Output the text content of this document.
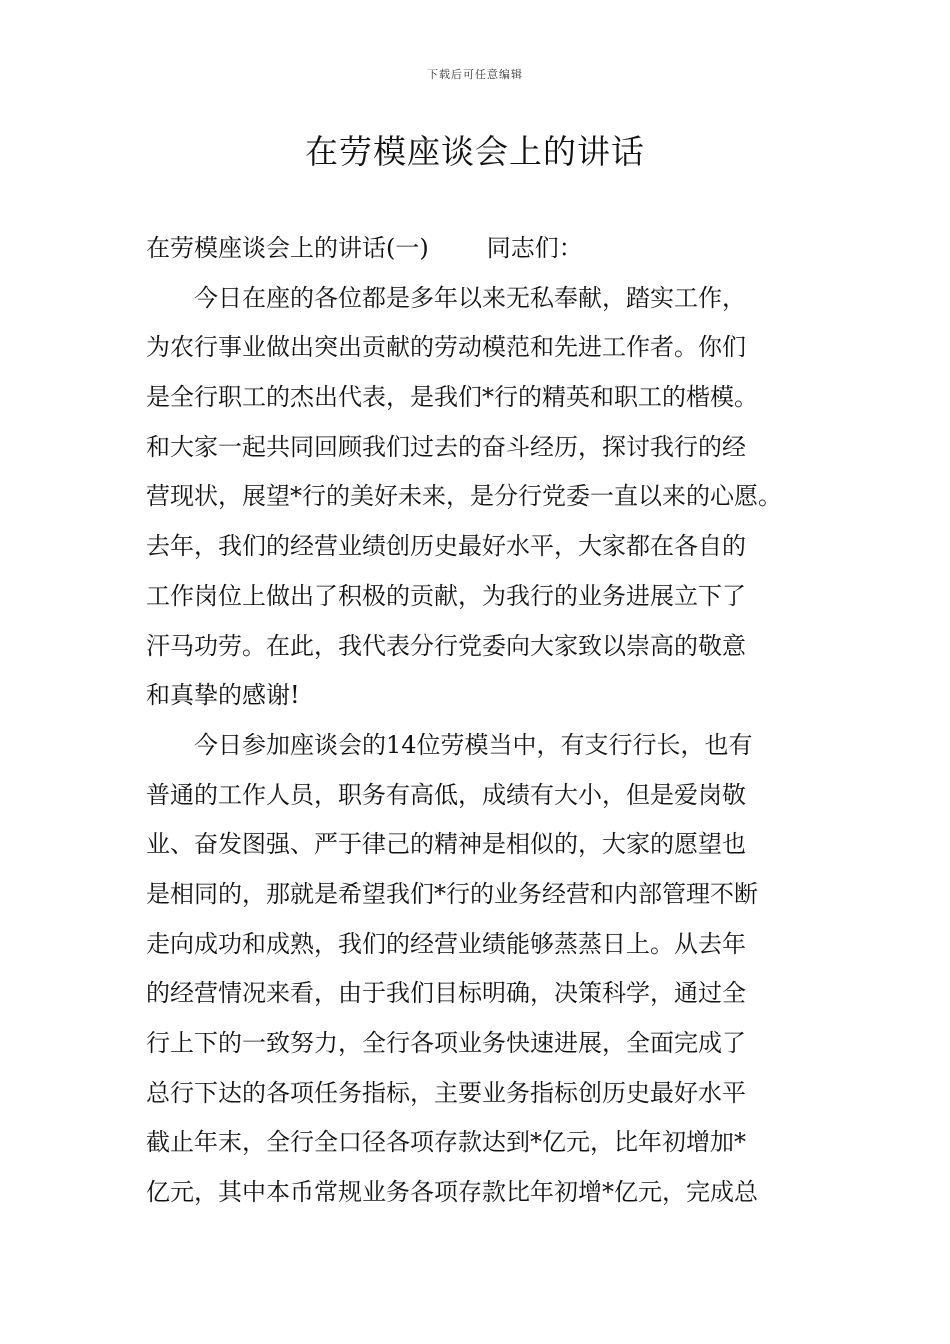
下载后可任意编辑
在劳模座谈会上的讲话
在劳模座谈会上的讲话(一) 同志们：
　　今日在座的各位都是多年以来无私奉献，踏实工作，
为农行事业做出突出贡献的劳动模范和先进工作者。你们
是全行职工的杰出代表，是我们*行的精英和职工的楷模。
和大家一起共同回顾我们过去的奋斗经历，探讨我行的经
营现状，展望*行的美好未来，是分行党委一直以来的心愿。
去年，我们的经营业绩创历史最好水平，大家都在各自的
工作岗位上做出了积极的贡献，为我行的业务进展立下了
汗马功劳。在此，我代表分行党委向大家致以崇高的敬意
和真挚的感谢!
　　今日参加座谈会的14位劳模当中，有支行行长，也有
普通的工作人员，职务有高低，成绩有大小，但是爱岗敬
业、奋发图强、严于律己的精神是相似的，大家的愿望也
是相同的，那就是希望我们*行的业务经营和内部管理不断
走向成功和成熟，我们的经营业绩能够蒸蒸日上。从去年
的经营情况来看，由于我们目标明确，决策科学，通过全
行上下的一致努力，全行各项业务快速进展，全面完成了
总行下达的各项任务指标，主要业务指标创历史最好水平
截止年末，全行全口径各项存款达到*亿元，比年初增加*
亿元，其中本币常规业务各项存款比年初增*亿元，完成总
